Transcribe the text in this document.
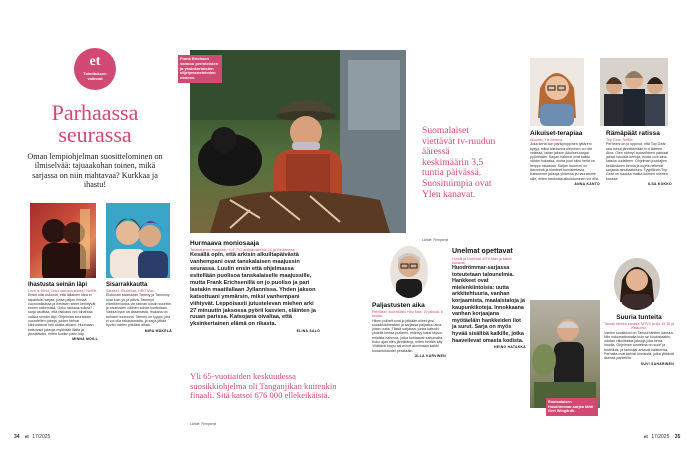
et
Toimituksen valinnat
Parhaassa
seurassa
Oman lempiohjelman suosittelominen on ilmiselvää: tajuaakohan toinen, mikä sarjassa on niin mahtavaa? Kurkkaa ja ihastu!
Ihastusta seinän läpi
Love Is Blind, Onko rakkaus sokea? Netflix.
Ensin olisi uskonut, että tällainen idea ei tapahtuisi sarjaa, jossa paljon ihmisä vuorovaikuttaa ja ihmisten siteet kehittyvät ennen näkemistä. Onko rakkaus sokea? -sarja osoittaa, että rakkaus voi roihahtaa vaikka seinän läpi. Ohjelmaa seurataan vuorotellen pareja, joiden tarinat kiinnostavat heti alusta alkaen. Huomaan katsovani jaksoja myöhään illalla ja jännittäväni, miten kunkin parin käy.
MINNA MOILL
Sisarrakkautta
Salaiset, Sisarellas, HBO Max.
Elokuvan sisarukset Tammy ja Tamminy ovat kuin yö ja päivä. Tammyn elämänmuutos vie tarinan uusiin suuntiin ja sisarusten välinen suhde koetellaan. Vaikka kyse on draamasta, mukana on rutkasti huumoria. Tammy on tyyppi, jota ei voi olla rakastamatta, ja sarja jättää hyvän mielen pitkäksi aikaa.
MIRA MÄKELÄ
Frank Erichsen vannoo perinteisten ja yksinkertaisten viljelymenetelmien nimeen.
Hurmaava moniosaaja
Tanskalainen maajussi, YLE TV1 arkipäivisin klo 15 ja Yle Areena.
Kesällä opin, että arkisin alkuiltapäivästä vanhempani ovat tanskalaisen maajussin seurassa. Luulin ensin että ohjelmassa esitellään puolisoa tanskalaiselle maajussille, mutta Frank Erichsenillä on jo puoliso ja pari lastakin maatilallaan Jyllannissa. Yhden jakson katsottuani ymmärsin, miksi vanhempani viihtyvät. Leppoisasti jutustelevan miehen arki 27 minuutin jaksossa pyörii kasvien, eläinten ja ruuan parissa. Katsojana oivaltaa, että yksinkertainen elämä on rikasta.
ELINA SALO
Yli 65-vuotiaiden keskuudessa suosikkiohjelma oli Tanganjikan kuitenkin finaali. Sitä katsoi 676 000 ellekeikäistä.
Lähde: Finnpanel
Suomalaiset viettävät tv-ruudun ääressä keskimäärin 3,5 tuntia päivässä. Suosituimpia ovat Ylen kanavat.
Lähde: Finnpanel
Paljastusten aika
Petolliset, suoratoisto Hbo Max, 19 jaksoa, 6 kautta.
Hiiren pollarit ovat jo pitkään olleet yksi suosikkiaiheistani ja sarjassa paljastuu aina jotain uutta. Tässä sarjassa, jonka katsoin yhdellä kertaa putkeen, esiintyy kaksi täysin erilaista hahmoa, jotka kohtaavat sattumalta. Koko ajan olen jännittänyt, miten heidän käy. Yllättävä loppu sai minut ahmimaan kaikki tuotantokaudet peräkkäin.
ULLA KARVINEN
Unelmat opettavat
Huudit ja Unelmat, MTV Max ja kaikki kanavat.
Huodrömmar-sarjassa toteutetaan talounelmia. Hankkeet ovat mielenkiintoisia: uutta arkkitehtuuria, vanhan korjaamista, maalaistaloja ja kaupunkikoteja. Innokkaana vanhan korjaajana myötäeläin hankkeiden ilot ja surut. Sarja on myös hyvää sisältöä kaikille, jotka haaveilevat omasta kodista.
HEINO HATAKKA
Aikuiset-terapiaa
Aikuiset, Yle Areena.
Joka kerta kun parikymppinen tyttäreni kysyy, miksi aikuisena oleminen on niin vaikeaa, laitan jakson Aikuiset-sarjaa pyörimään. Sarjan hahmot ovat kaikki vähän hukassa, mutta juuri siksi heitä on helppo rakastaa. Sarjan huumori on lämmintä ja tilanteet tunnistettavia. Katsomme jaksoja yhdessä ja nauramme sille, miten hankalaa aikuistuminen voi olla.
ANNA KANTO
Rämäpäät ratissa
Top Gear, Netflix.
Perheeni on jo oppinut, että Top Gear saa minut jännittämään tv:n ääreen. Aina. Olen nähnyt autoviihteen parhaat jaksot lukuisia kertoja, mutta voin aina katsoa uudelleen. Ohjelman juontajien keskinäinen kemia ja kujeilu tekevät sarjasta ainutlaatuisen. Tyypillinen Top Gear on hauska matka kolmen miehen kanssa.
ILSA KOKKO
Suuria tunteita
Tanssii tähtien kanssa, MTV3 ja klo 19.30 ja Katsomo.
Vanhin suosikkini on Tanssii tähtien kanssa. Niin uskomattomalta kuin se kuulostaakin, odotan viikoittaisia jaksoja joka kerta innolla. Ohjelman tunnelma on suuri ja tunteikas, ja tanssijat antavat kaikkensa. Parhaita ovat tarinat ihmisistä, jotka ylittävät itsensä parketilla.
SUVI SAHARINEN
Ruotsalaisen Husdrömmar-sarjan tähti Gert Wingårdh.
34 et 17/2025	et 17/2025 35
